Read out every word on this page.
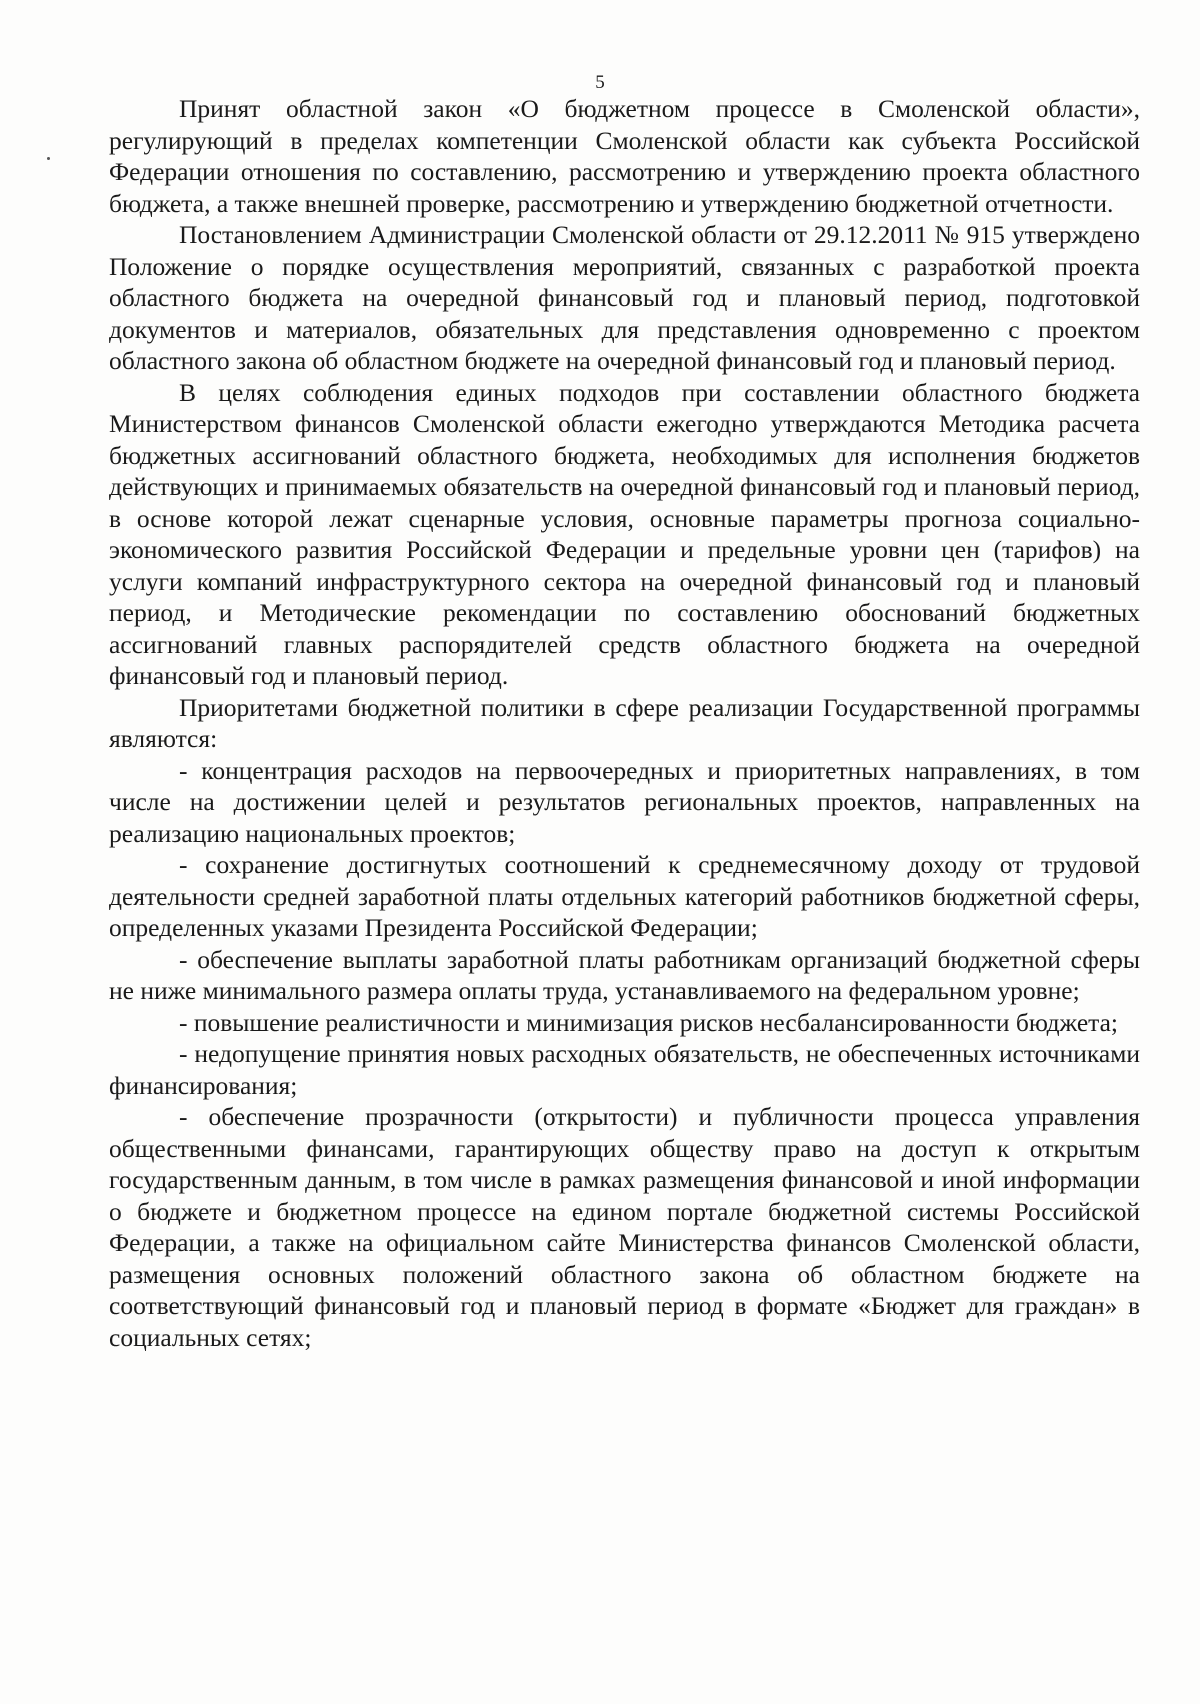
5

Принят областной закон «О бюджетном процессе в Смоленской области», регулирующий в пределах компетенции Смоленской области как субъекта Российской Федерации отношения по составлению, рассмотрению и утверждению проекта областного бюджета, а также внешней проверке, рассмотрению и утверждению бюджетной отчетности.

Постановлением Администрации Смоленской области от 29.12.2011 № 915 утверждено Положение о порядке осуществления мероприятий, связанных с разработкой проекта областного бюджета на очередной финансовый год и плановый период, подготовкой документов и материалов, обязательных для представления одновременно с проектом областного закона об областном бюджете на очередной финансовый год и плановый период.

В целях соблюдения единых подходов при составлении областного бюджета Министерством финансов Смоленской области ежегодно утверждаются Методика расчета бюджетных ассигнований областного бюджета, необходимых для исполнения бюджетов действующих и принимаемых обязательств на очередной финансовый год и плановый период, в основе которой лежат сценарные условия, основные параметры прогноза социально-экономического развития Российской Федерации и предельные уровни цен (тарифов) на услуги компаний инфраструктурного сектора на очередной финансовый год и плановый период, и Методические рекомендации по составлению обоснований бюджетных ассигнований главных распорядителей средств областного бюджета на очередной финансовый год и плановый период.

Приоритетами бюджетной политики в сфере реализации Государственной программы являются:

- концентрация расходов на первоочередных и приоритетных направлениях, в том числе на достижении целей и результатов региональных проектов, направленных на реализацию национальных проектов;

- сохранение достигнутых соотношений к среднемесячному доходу от трудовой деятельности средней заработной платы отдельных категорий работников бюджетной сферы, определенных указами Президента Российской Федерации;

- обеспечение выплаты заработной платы работникам организаций бюджетной сферы не ниже минимального размера оплаты труда, устанавливаемого на федеральном уровне;

- повышение реалистичности и минимизация рисков несбалансированности бюджета;

- недопущение принятия новых расходных обязательств, не обеспеченных источниками финансирования;

- обеспечение прозрачности (открытости) и публичности процесса управления общественными финансами, гарантирующих обществу право на доступ к открытым государственным данным, в том числе в рамках размещения финансовой и иной информации о бюджете и бюджетном процессе на едином портале бюджетной системы Российской Федерации, а также на официальном сайте Министерства финансов Смоленской области, размещения основных положений областного закона об областном бюджете на соответствующий финансовый год и плановый период в формате «Бюджет для граждан» в социальных сетях;
